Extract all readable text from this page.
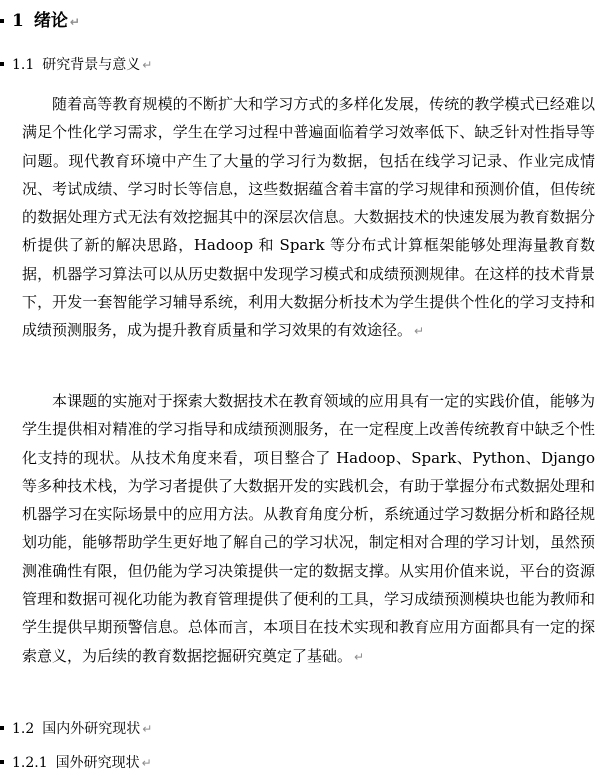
1 绪论 ↵
1.1 研究背景与意义 ↵

随着高等教育规模的不断扩大和学习方式的多样化发展，传统的教学模式已经难以满足个性化学习需求，学生在学习过程中普遍面临着学习效率低下、缺乏针对性指导等问题。现代教育环境中产生了大量的学习行为数据，包括在线学习记录、作业完成情况、考试成绩、学习时长等信息，这些数据蕴含着丰富的学习规律和预测价值，但传统的数据处理方式无法有效挖掘其中的深层次信息。大数据技术的快速发展为教育数据分析提供了新的解决思路，Hadoop 和 Spark 等分布式计算框架能够处理海量教育数据，机器学习算法可以从历史数据中发现学习模式和成绩预测规律。在这样的技术背景下，开发一套智能学习辅导系统，利用大数据分析技术为学生提供个性化的学习支持和成绩预测服务，成为提升教育质量和学习效果的有效途径。 ↵

本课题的实施对于探索大数据技术在教育领域的应用具有一定的实践价值，能够为学生提供相对精准的学习指导和成绩预测服务，在一定程度上改善传统教育中缺乏个性化支持的现状。从技术角度来看，项目整合了 Hadoop、Spark、Python、Django 等多种技术栈，为学习者提供了大数据开发的实践机会，有助于掌握分布式数据处理和机器学习在实际场景中的应用方法。从教育角度分析，系统通过学习数据分析和路径规划功能，能够帮助学生更好地了解自己的学习状况，制定相对合理的学习计划，虽然预测准确性有限，但仍能为学习决策提供一定的数据支撑。从实用价值来说，平台的资源管理和数据可视化功能为教育管理提供了便利的工具，学习成绩预测模块也能为教师和学生提供早期预警信息。总体而言，本项目在技术实现和教育应用方面都具有一定的探索意义，为后续的教育数据挖掘研究奠定了基础。 ↵

1.2 国内外研究现状 ↵
1.2.1 国外研究现状 ↵
